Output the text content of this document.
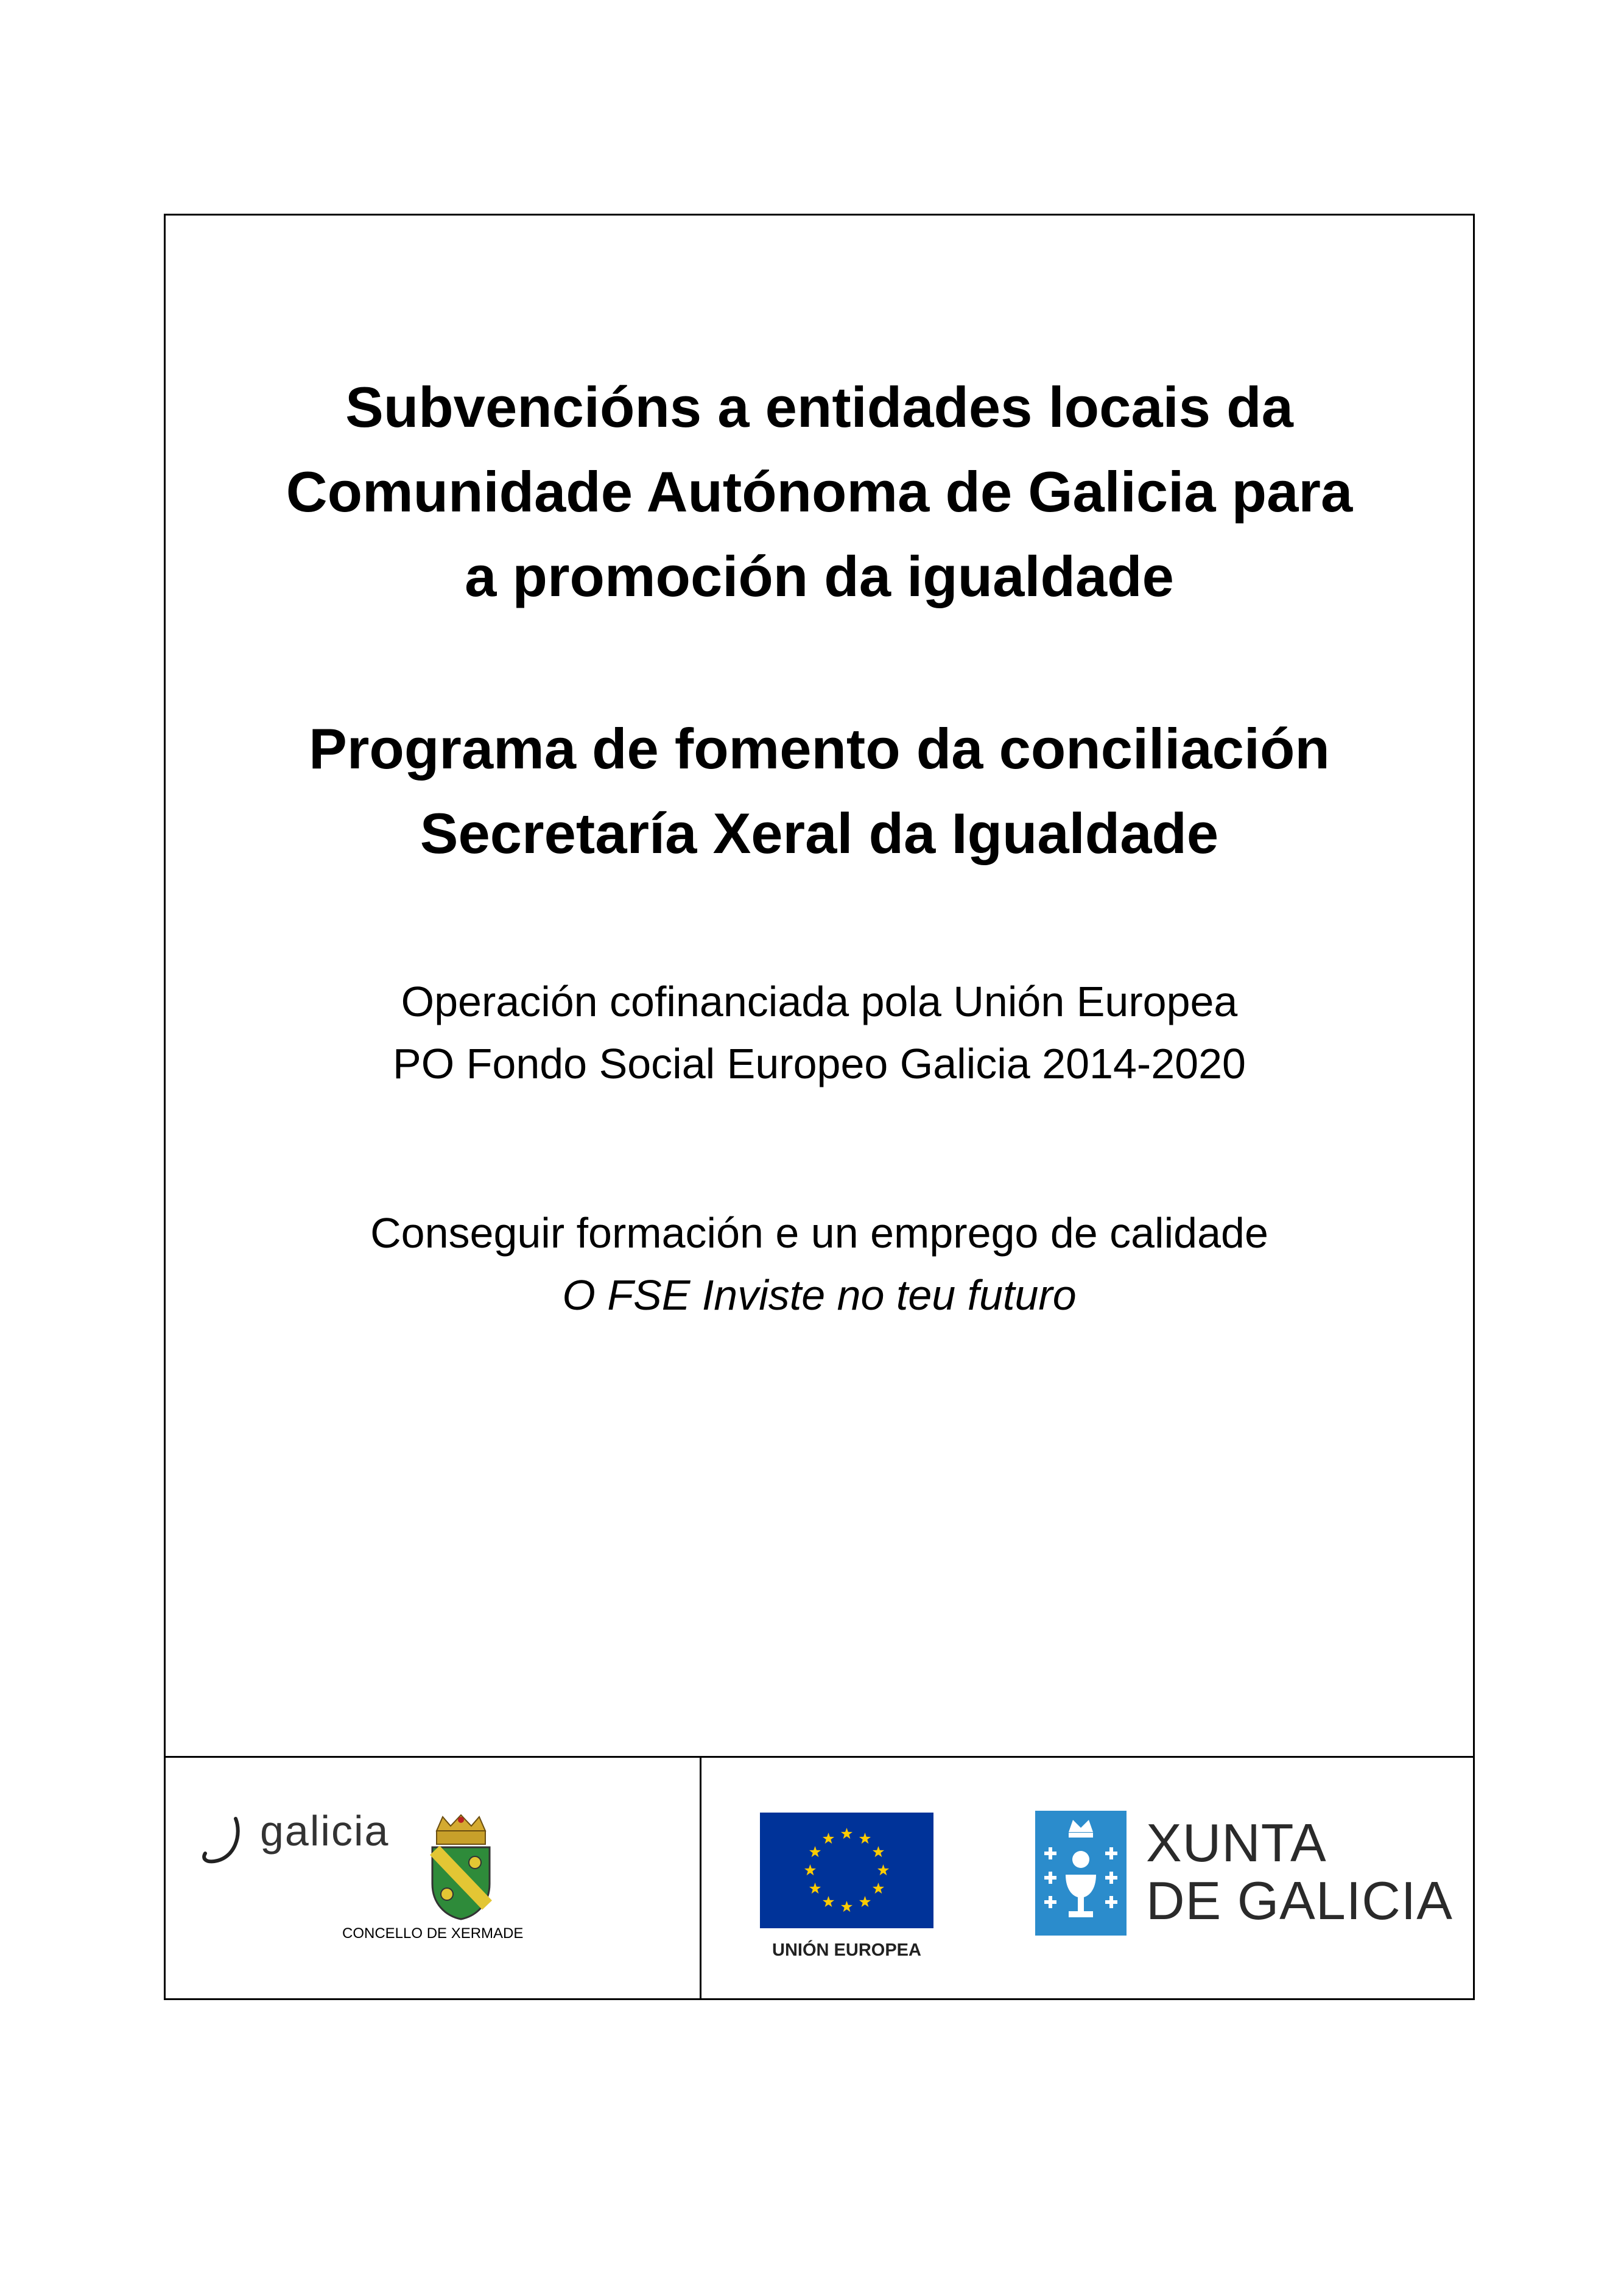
Subvencións a entidades locais da
Comunidade Autónoma de Galicia para
a promoción da igualdade
Programa de fomento da conciliación
Secretaría Xeral da Igualdade
Operación cofinanciada pola Unión Europea
PO Fondo Social Europeo Galicia 2014-2020
Conseguir formación e un emprego de calidade
O FSE Inviste no teu futuro
galicia
CONCELLO DE XERMADE
UNIÓN EUROPEA
XUNTA
DE GALICIA
